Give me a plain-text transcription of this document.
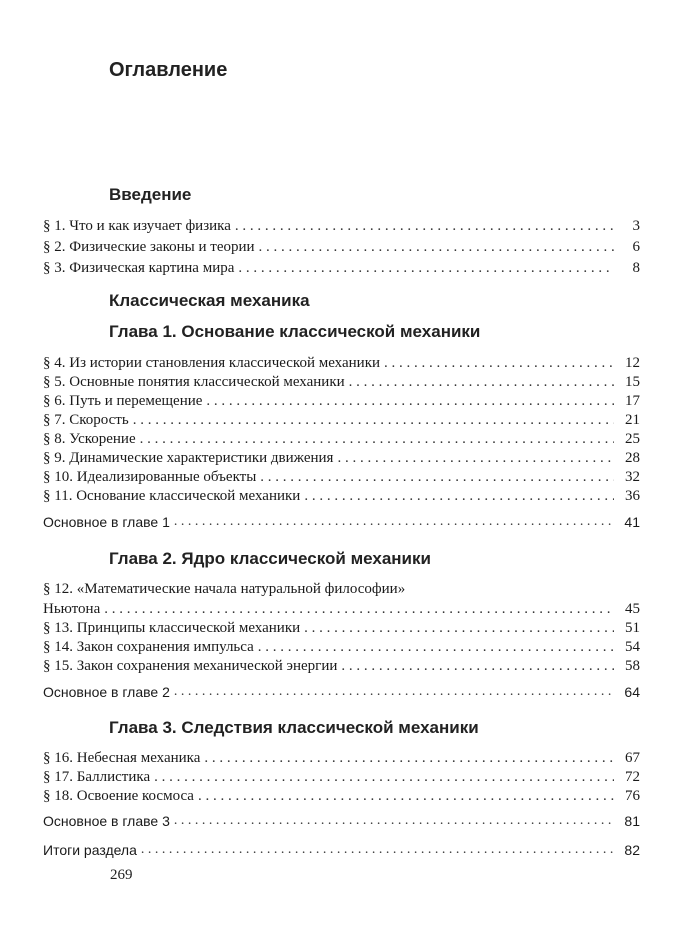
Оглавление
Введение
§ 1. Что и как изучает физика . . .	3
§ 2. Физические законы и теории . . .	6
§ 3. Физическая картина мира . . .	8
Классическая механика
Глава 1. Основание классической механики
§ 4. Из истории становления классической механики . . .	12
§ 5. Основные понятия классической механики . . .	15
§ 6. Путь и перемещение . . .	17
§ 7. Скорость . . .	21
§ 8. Ускорение . . .	25
§ 9. Динамические характеристики движения . . .	28
§ 10. Идеализированные объекты . . .	32
§ 11. Основание классической механики . . .	36
Основное в главе 1 . . .	41
Глава 2. Ядро классической механики
§ 12. «Математические начала натуральной философии»
Ньютона . . .	45
§ 13. Принципы классической механики . . .	51
§ 14. Закон сохранения импульса . . .	54
§ 15. Закон сохранения механической энергии . . .	58
Основное в главе 2 . . .	64
Глава 3. Следствия классической механики
§ 16. Небесная механика . . .	67
§ 17. Баллистика . . .	72
§ 18. Освоение космоса . . .	76
Основное в главе 3 . . .	81
Итоги раздела . . .	82
269
